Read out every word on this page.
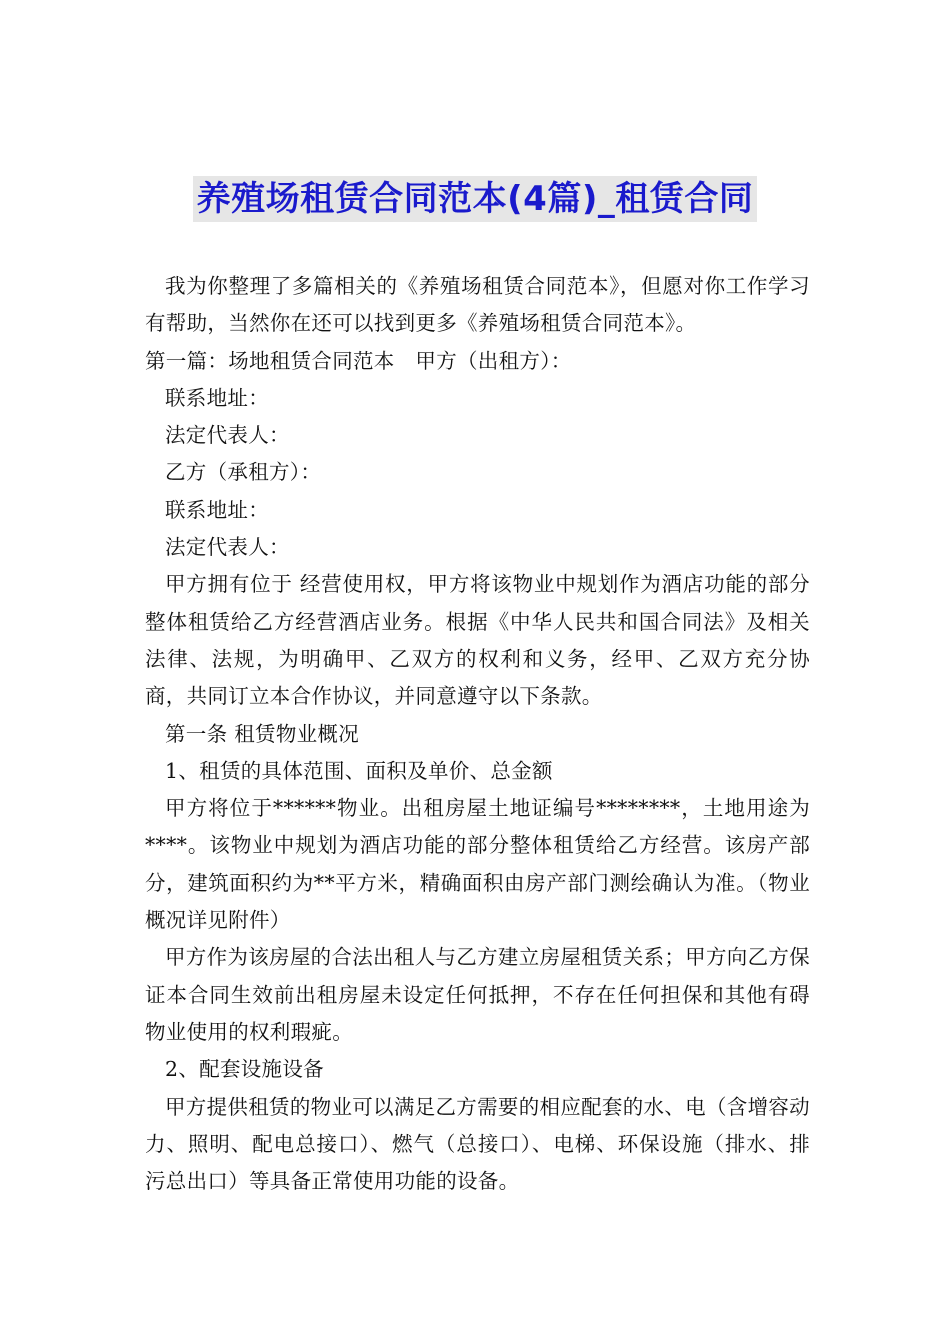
养殖场租赁合同范本(4篇)_租赁合同

我为你整理了多篇相关的《养殖场租赁合同范本》，但愿对你工作学习有帮助，当然你在还可以找到更多《养殖场租赁合同范本》。

第一篇：场地租赁合同范本　甲方（出租方）：

联系地址：

法定代表人：

乙方（承租方）：

联系地址：

法定代表人：

甲方拥有位于 经营使用权，甲方将该物业中规划作为酒店功能的部分整体租赁给乙方经营酒店业务。根据《中华人民共和国合同法》及相关法律、法规，为明确甲、乙双方的权利和义务，经甲、乙双方充分协商，共同订立本合作协议，并同意遵守以下条款。

第一条 租赁物业概况

1、租赁的具体范围、面积及单价、总金额

甲方将位于******物业。出租房屋土地证编号********，土地用途为****。该物业中规划为酒店功能的部分整体租赁给乙方经营。该房产部分，建筑面积约为**平方米，精确面积由房产部门测绘确认为准。（物业概况详见附件）

甲方作为该房屋的合法出租人与乙方建立房屋租赁关系；甲方向乙方保证本合同生效前出租房屋未设定任何抵押，不存在任何担保和其他有碍物业使用的权利瑕疵。

2、配套设施设备

甲方提供租赁的物业可以满足乙方需要的相应配套的水、电（含增容动力、照明、配电总接口）、燃气（总接口）、电梯、环保设施（排水、排污总出口）等具备正常使用功能的设备。
